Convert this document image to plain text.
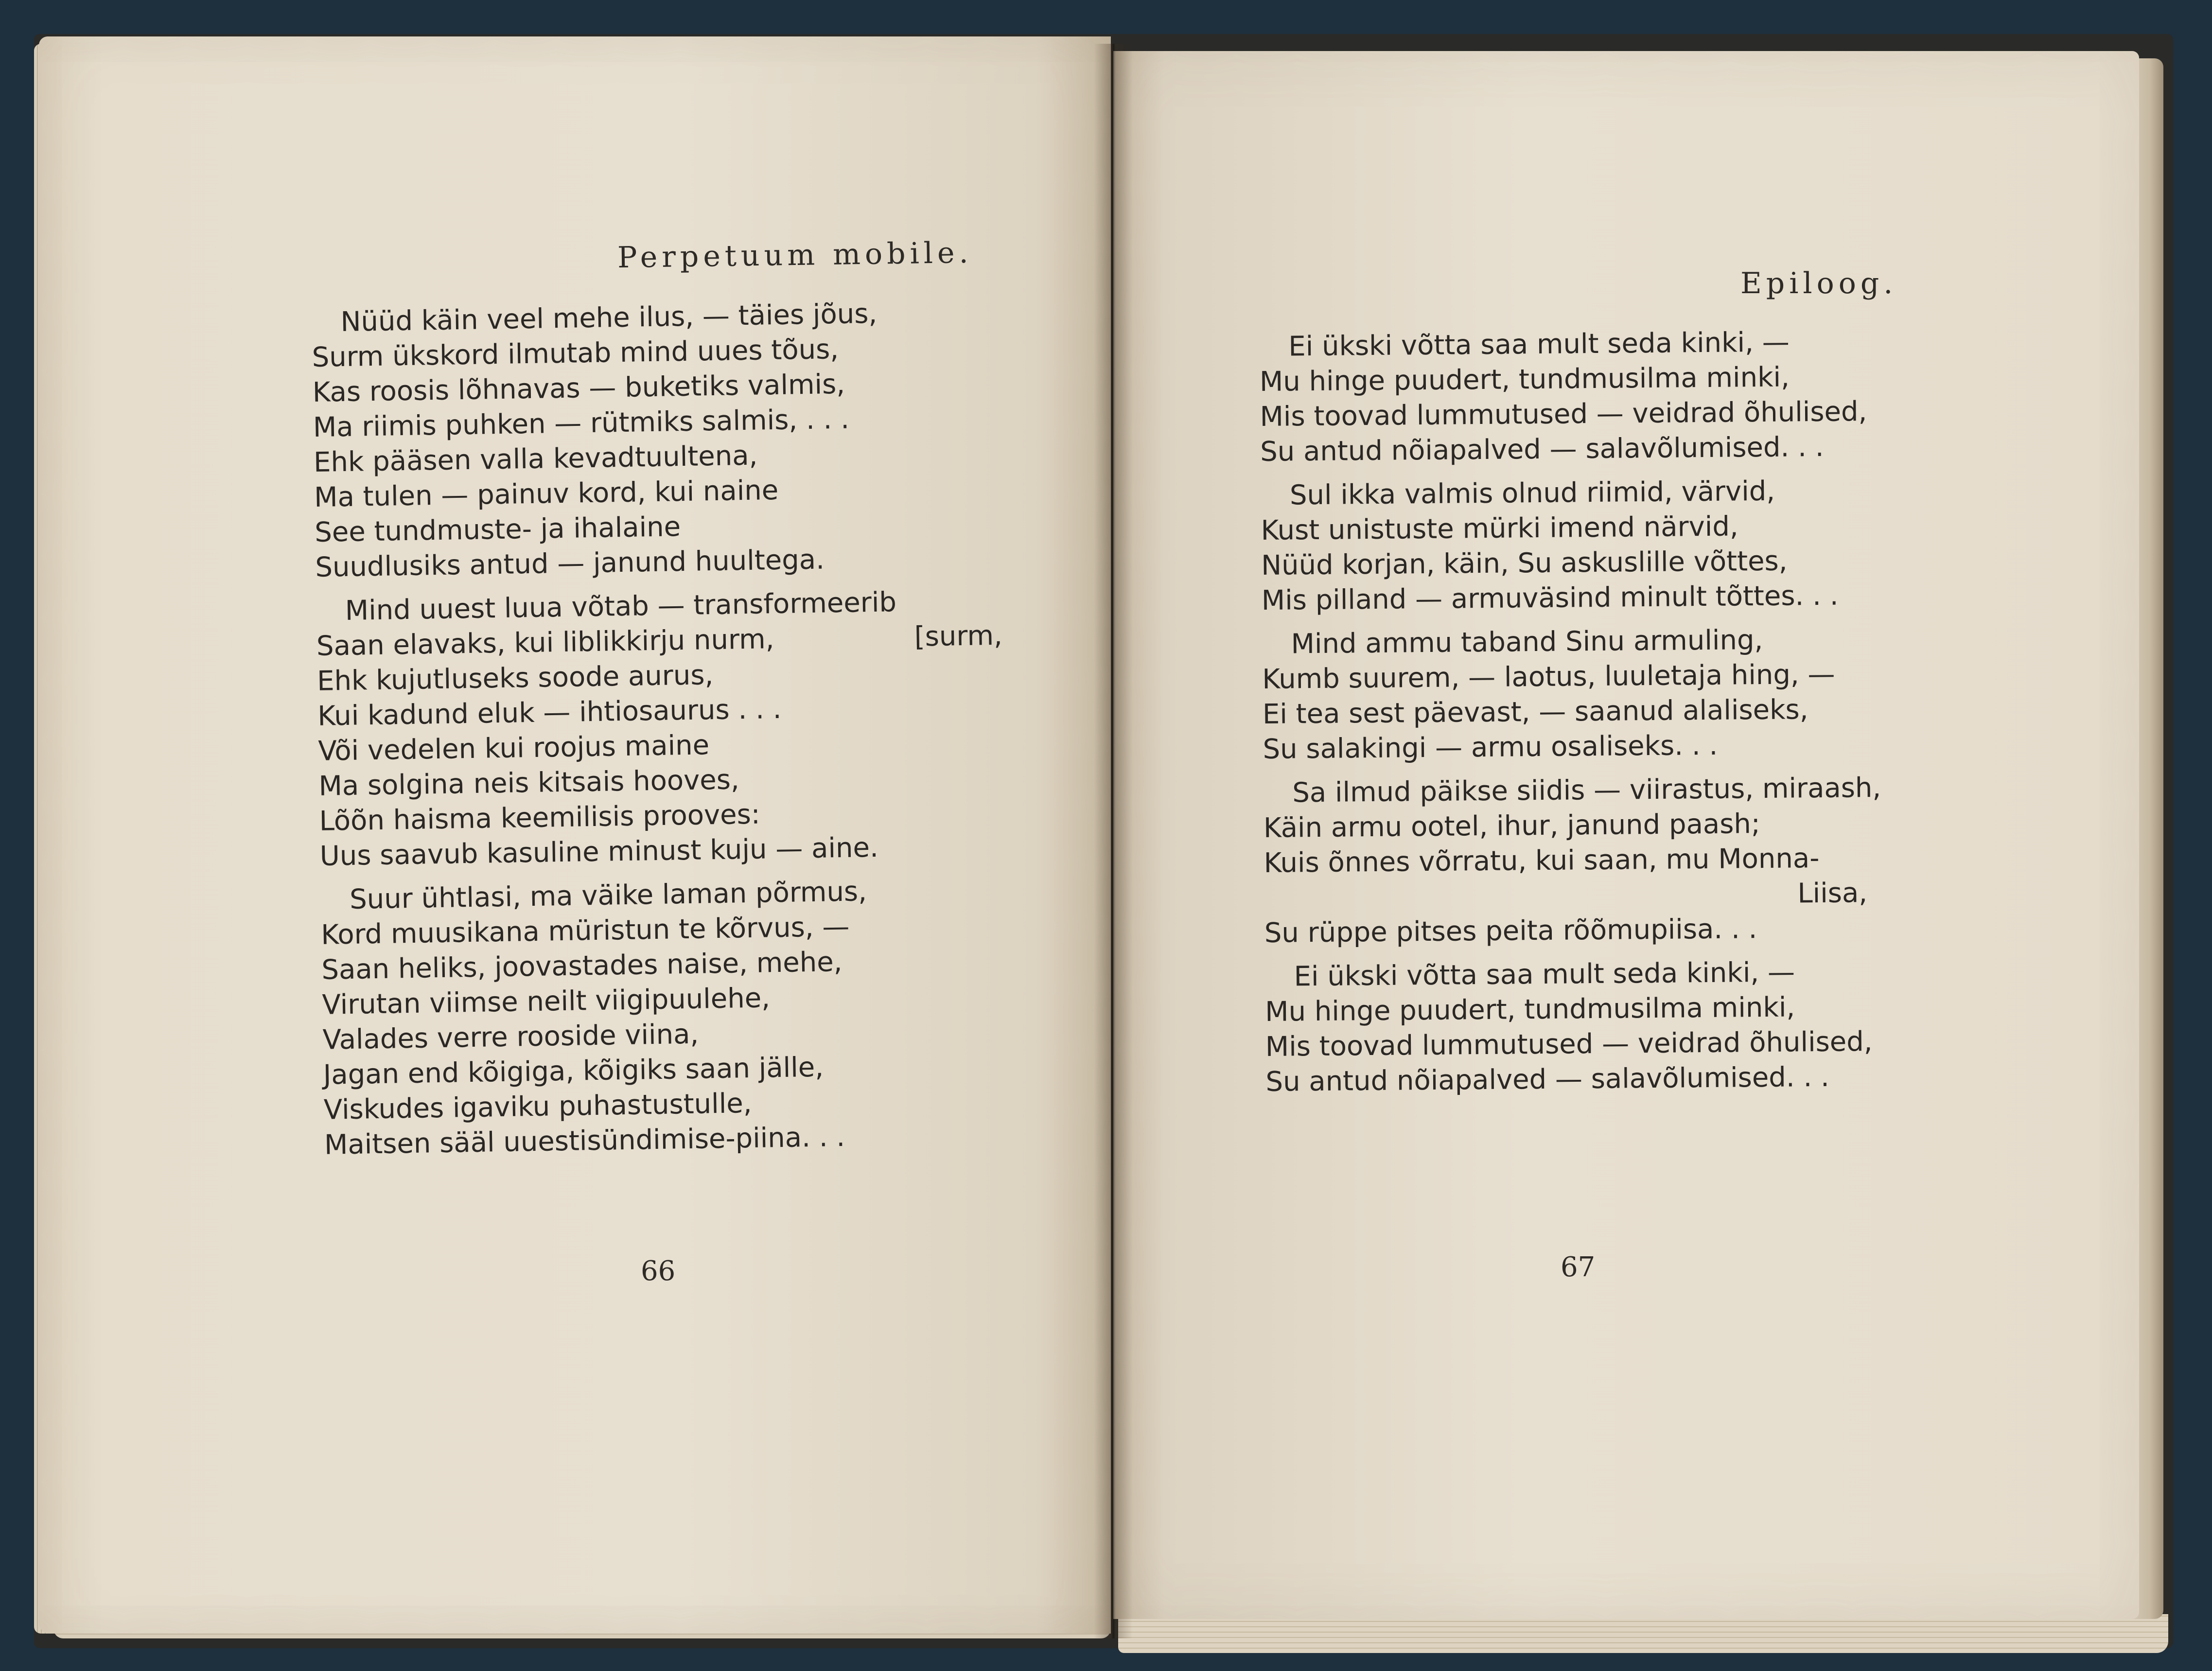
Perpetuum mobile.
Nüüd käin veel mehe ilus, — täies jõus,
Surm ükskord ilmutab mind uues tõus,
Kas roosis lõhnavas — buketiks valmis,
Ma riimis puhken — rütmiks salmis, . . .
Ehk pääsen valla kevadtuultena,
Ma tulen — painuv kord, kui naine
See tundmuste- ja ihalaine
Suudlusiks antud — janund huultega.
Mind uuest luua võtab — transformeerib
Saan elavaks, kui liblikkirju nurm,	[surm,
Ehk kujutluseks soode aurus,
Kui kadund eluk — ihtiosaurus . . .
Või vedelen kui roojus maine
Ma solgina neis kitsais hooves,
Lõõn haisma keemilisis prooves:
Uus saavub kasuline minust kuju — aine.
Suur ühtlasi, ma väike laman põrmus,
Kord muusikana müristun te kõrvus, —
Saan heliks, joovastades naise, mehe,
Virutan viimse neilt viigipuulehe,
Valades verre rooside viina,
Jagan end kõigiga, kõigiks saan jälle,
Viskudes igaviku puhastustulle,
Maitsen sääl uuestisündimise-piina. . .
66
Epiloog.
Ei ükski võtta saa mult seda kinki, —
Mu hinge puudert, tundmusilma minki,
Mis toovad lummutused — veidrad õhulised,
Su antud nõiapalved — salavõlumised. . .
Sul ikka valmis olnud riimid, värvid,
Kust unistuste mürki imend närvid,
Nüüd korjan, käin, Su askuslille võttes,
Mis pilland — armuväsind minult tõttes. . .
Mind ammu taband Sinu armuling,
Kumb suurem, — laotus, luuletaja hing, —
Ei tea sest päevast, — saanud alaliseks,
Su salakingi — armu osaliseks. . .
Sa ilmud päikse siidis — viirastus, miraash,
Käin armu ootel, ihur, janund paash;
Kuis õnnes võrratu, kui saan, mu Monna-
Liisa,
Su rüppe pitses peita rõõmupiisa. . .
Ei ükski võtta saa mult seda kinki, —
Mu hinge puudert, tundmusilma minki,
Mis toovad lummutused — veidrad õhulised,
Su antud nõiapalved — salavõlumised. . .
67
